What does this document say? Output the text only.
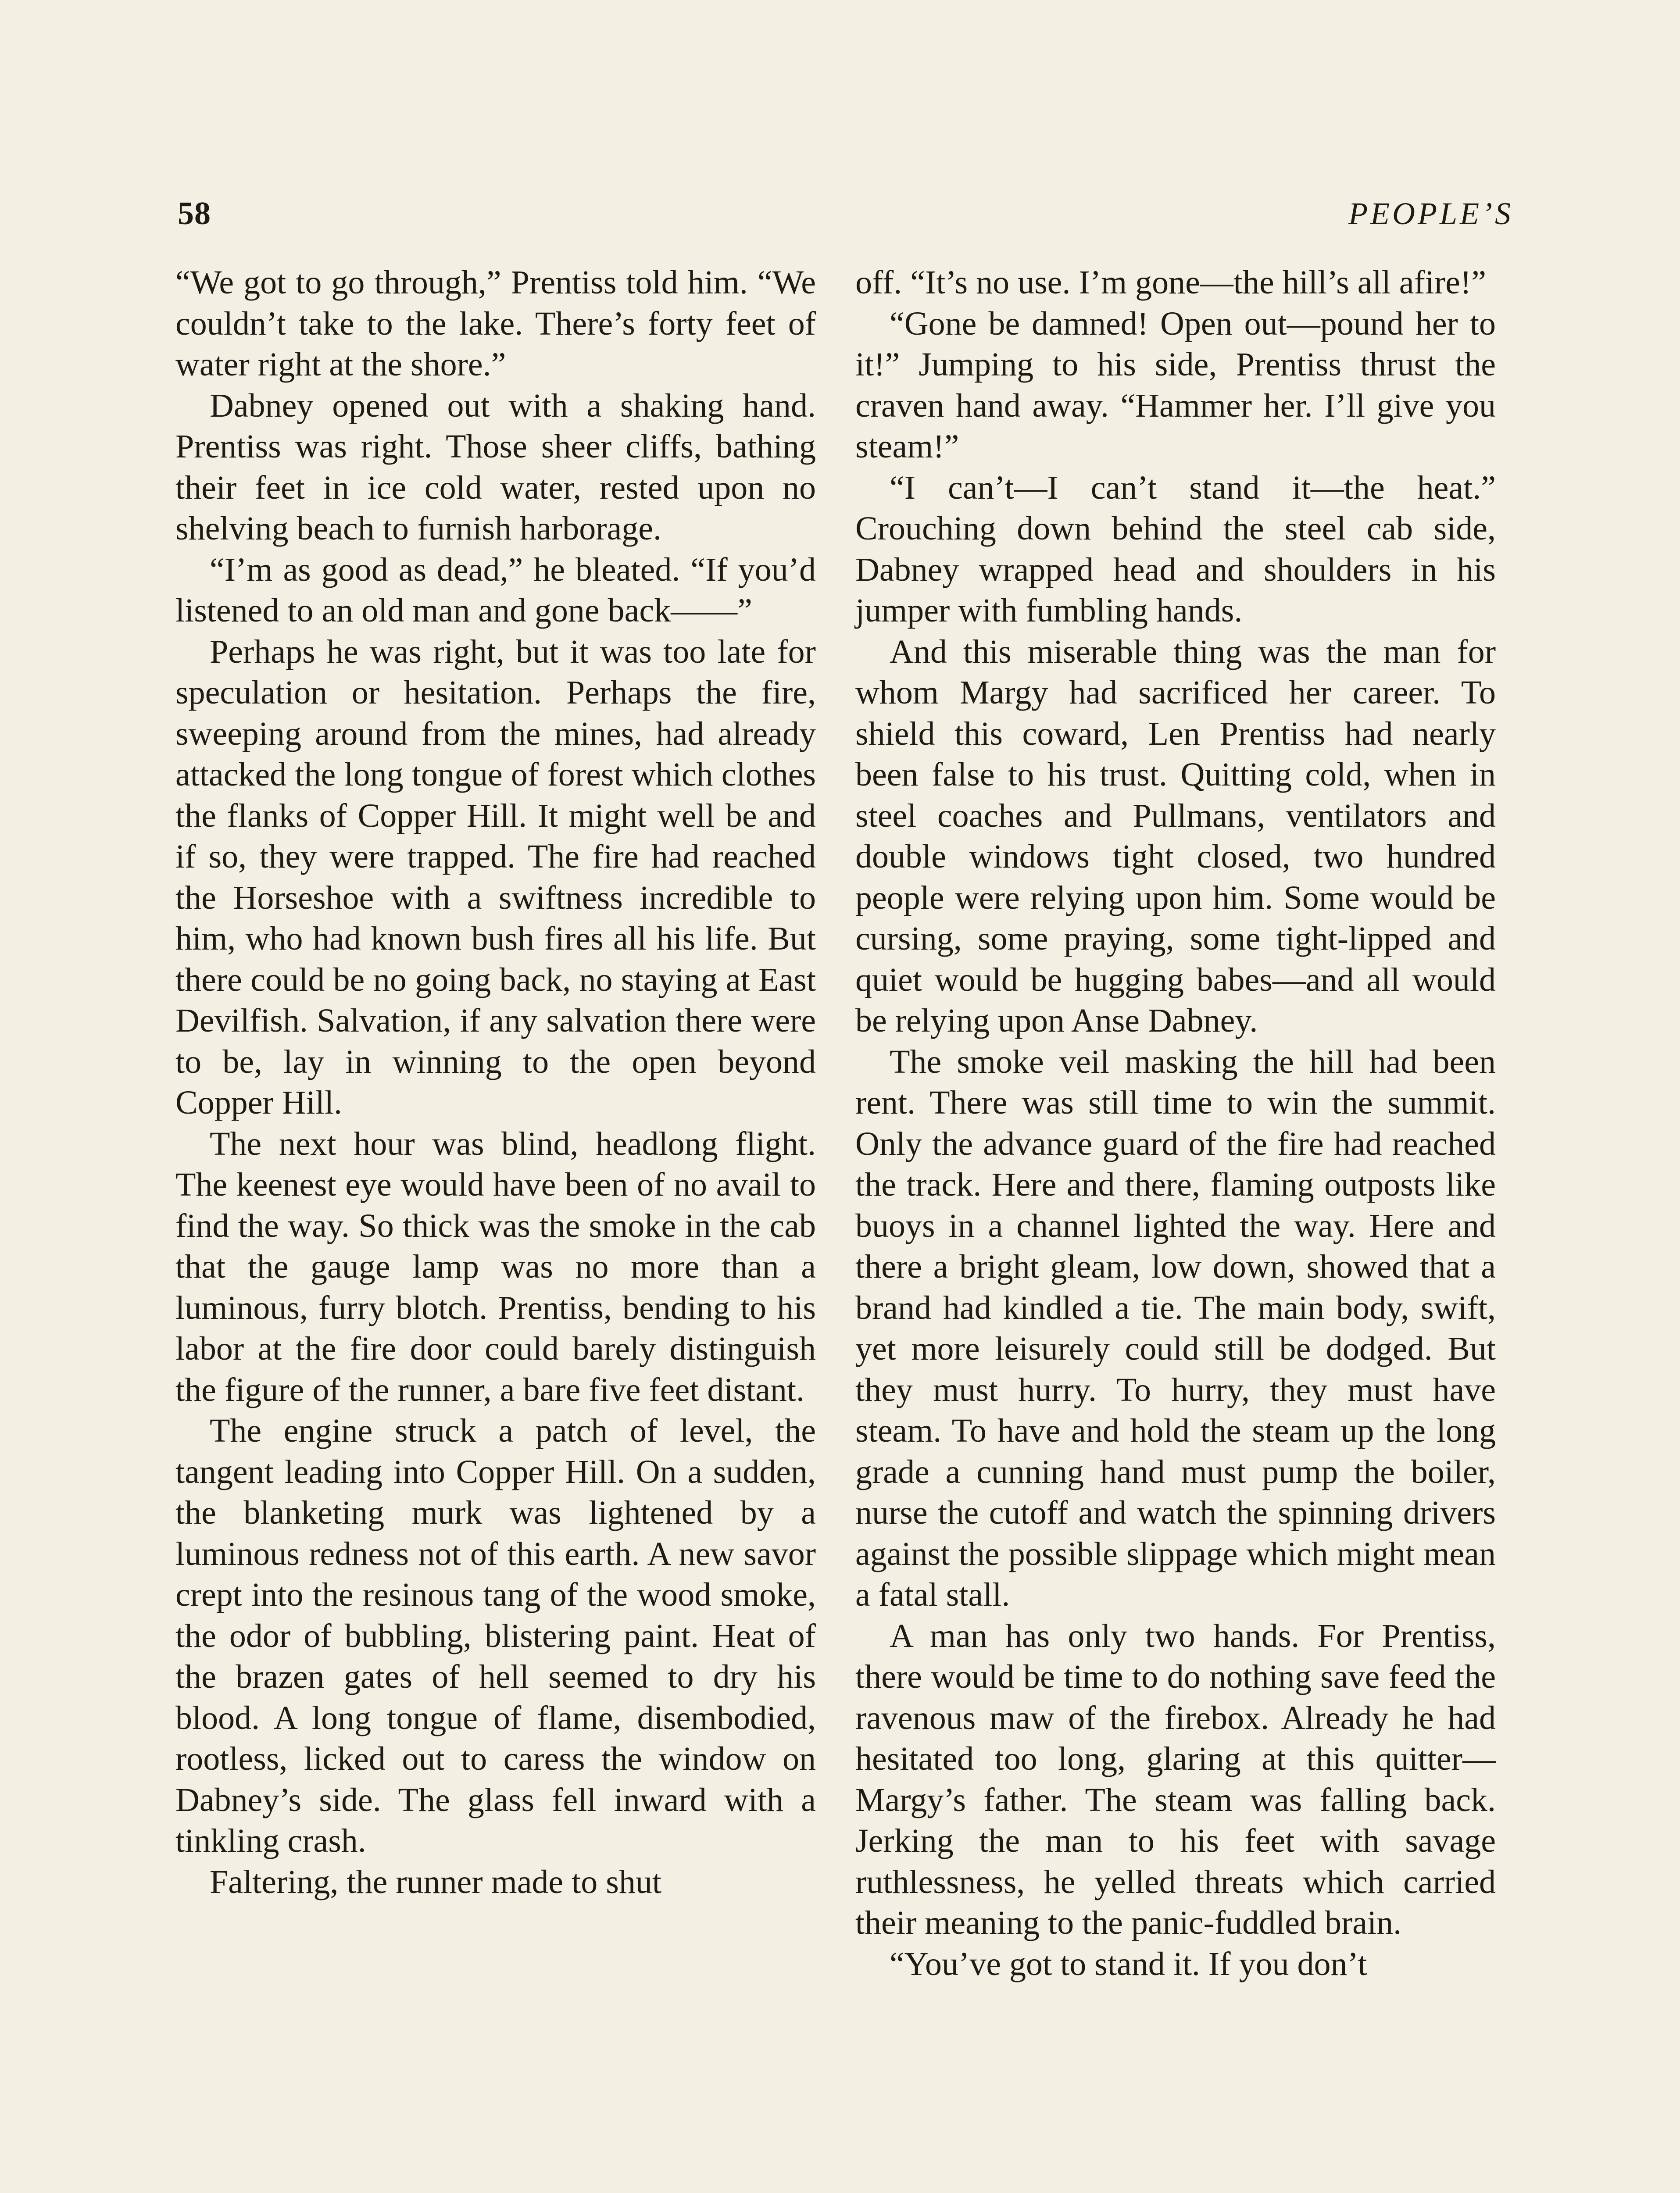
58	PEOPLE’S

“We got to go through,” Prentiss told him. “We couldn’t take to the lake. There’s forty feet of water right at the shore.”

Dabney opened out with a shaking hand. Prentiss was right. Those sheer cliffs, bathing their feet in ice cold water, rested upon no shelving beach to furnish harborage.

“I’m as good as dead,” he bleated. “If you’d listened to an old man and gone back——”

Perhaps he was right, but it was too late for speculation or hesitation. Perhaps the fire, sweeping around from the mines, had already attacked the long tongue of forest which clothes the flanks of Copper Hill. It might well be and if so, they were trapped. The fire had reached the Horseshoe with a swiftness incredible to him, who had known bush fires all his life. But there could be no going back, no staying at East Devilfish. Salvation, if any salvation there were to be, lay in winning to the open beyond Copper Hill.

The next hour was blind, headlong flight. The keenest eye would have been of no avail to find the way. So thick was the smoke in the cab that the gauge lamp was no more than a luminous, furry blotch. Prentiss, bending to his labor at the fire door could barely distinguish the figure of the runner, a bare five feet distant.

The engine struck a patch of level, the tangent leading into Copper Hill. On a sudden, the blanketing murk was lightened by a luminous redness not of this earth. A new savor crept into the resinous tang of the wood smoke, the odor of bubbling, blistering paint. Heat of the brazen gates of hell seemed to dry his blood. A long tongue of flame, disembodied, rootless, licked out to caress the window on Dabney’s side. The glass fell inward with a tinkling crash.

Faltering, the runner made to shut

off. “It’s no use. I’m gone—the hill’s all afire!”

“Gone be damned! Open out—pound her to it!” Jumping to his side, Prentiss thrust the craven hand away. “Hammer her. I’ll give you steam!”

“I can’t—I can’t stand it—the heat.” Crouching down behind the steel cab side, Dabney wrapped head and shoulders in his jumper with fumbling hands.

And this miserable thing was the man for whom Margy had sacrificed her career. To shield this coward, Len Prentiss had nearly been false to his trust. Quitting cold, when in steel coaches and Pullmans, ventilators and double windows tight closed, two hundred people were relying upon him. Some would be cursing, some praying, some tight-lipped and quiet would be hugging babes—and all would be relying upon Anse Dabney.

The smoke veil masking the hill had been rent. There was still time to win the summit. Only the advance guard of the fire had reached the track. Here and there, flaming outposts like buoys in a channel lighted the way. Here and there a bright gleam, low down, showed that a brand had kindled a tie. The main body, swift, yet more leisurely could still be dodged. But they must hurry. To hurry, they must have steam. To have and hold the steam up the long grade a cunning hand must pump the boiler, nurse the cutoff and watch the spinning drivers against the possible slippage which might mean a fatal stall.

A man has only two hands. For Prentiss, there would be time to do nothing save feed the ravenous maw of the firebox. Already he had hesitated too long, glaring at this quitter—Margy’s father. The steam was falling back. Jerking the man to his feet with savage ruthlessness, he yelled threats which carried their meaning to the panic-fuddled brain.

“You’ve got to stand it. If you don’t
